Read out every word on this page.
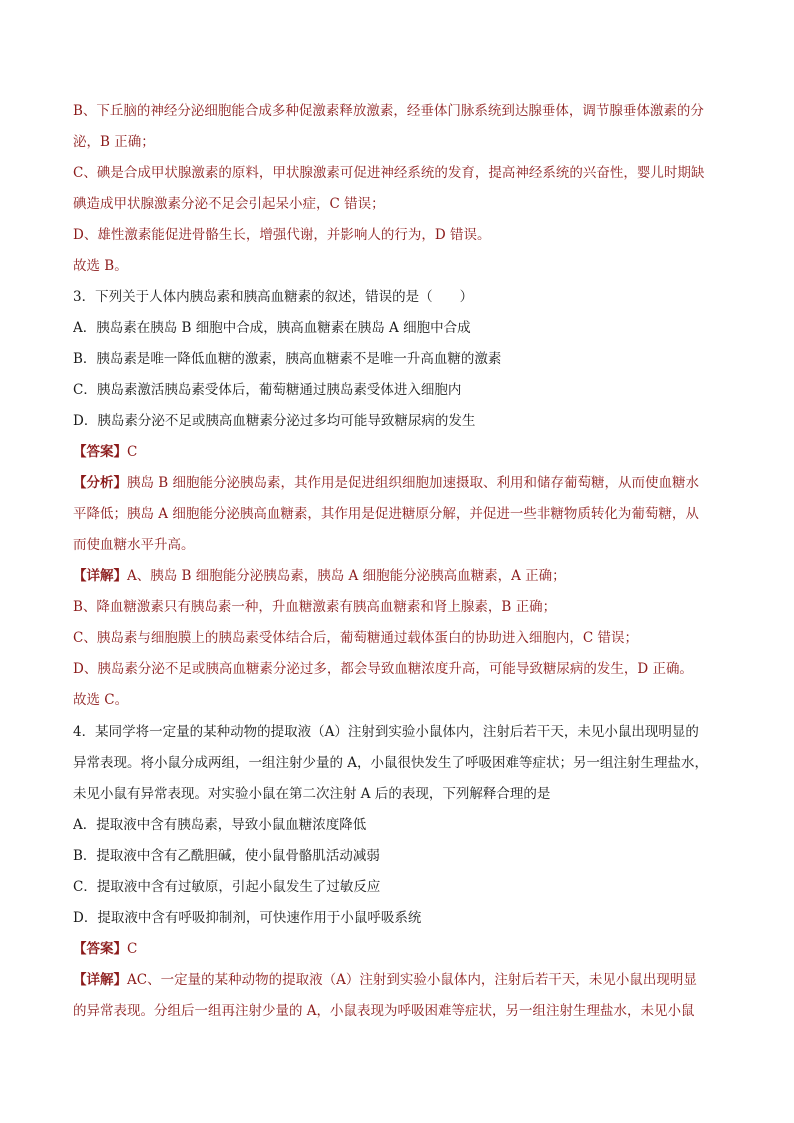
B、下丘脑的神经分泌细胞能合成多种促激素释放激素，经垂体门脉系统到达腺垂体，调节腺垂体激素的分
泌，B 正确；
C、碘是合成甲状腺激素的原料，甲状腺激素可促进神经系统的发育，提高神经系统的兴奋性，婴儿时期缺
碘造成甲状腺激素分泌不足会引起呆小症，C 错误；
D、雄性激素能促进骨骼生长，增强代谢，并影响人的行为，D 错误。
故选 B。
3．下列关于人体内胰岛素和胰高血糖素的叙述，错误的是（　　）
A．胰岛素在胰岛 B 细胞中合成，胰高血糖素在胰岛 A 细胞中合成
B．胰岛素是唯一降低血糖的激素，胰高血糖素不是唯一升高血糖的激素
C．胰岛素激活胰岛素受体后，葡萄糖通过胰岛素受体进入细胞内
D．胰岛素分泌不足或胰高血糖素分泌过多均可能导致糖尿病的发生
【答案】C
【分析】胰岛 B 细胞能分泌胰岛素，其作用是促进组织细胞加速摄取、利用和储存葡萄糖，从而使血糖水
平降低；胰岛 A 细胞能分泌胰高血糖素，其作用是促进糖原分解，并促进一些非糖物质转化为葡萄糖，从
而使血糖水平升高。
【详解】A、胰岛 B 细胞能分泌胰岛素，胰岛 A 细胞能分泌胰高血糖素，A 正确；
B、降血糖激素只有胰岛素一种，升血糖激素有胰高血糖素和肾上腺素，B 正确；
C、胰岛素与细胞膜上的胰岛素受体结合后，葡萄糖通过载体蛋白的协助进入细胞内，C 错误；
D、胰岛素分泌不足或胰高血糖素分泌过多，都会导致血糖浓度升高，可能导致糖尿病的发生，D 正确。
故选 C。
4．某同学将一定量的某种动物的提取液（A）注射到实验小鼠体内，注射后若干天，未见小鼠出现明显的
异常表现。将小鼠分成两组，一组注射少量的 A，小鼠很快发生了呼吸困难等症状；另一组注射生理盐水，
未见小鼠有异常表现。对实验小鼠在第二次注射 A 后的表现，下列解释合理的是
A．提取液中含有胰岛素，导致小鼠血糖浓度降低
B．提取液中含有乙酰胆碱，使小鼠骨骼肌活动减弱
C．提取液中含有过敏原，引起小鼠发生了过敏反应
D．提取液中含有呼吸抑制剂，可快速作用于小鼠呼吸系统
【答案】C
【详解】AC、一定量的某种动物的提取液（A）注射到实验小鼠体内，注射后若干天，未见小鼠出现明显
的异常表现。分组后一组再注射少量的 A，小鼠表现为呼吸困难等症状，另一组注射生理盐水，未见小鼠
